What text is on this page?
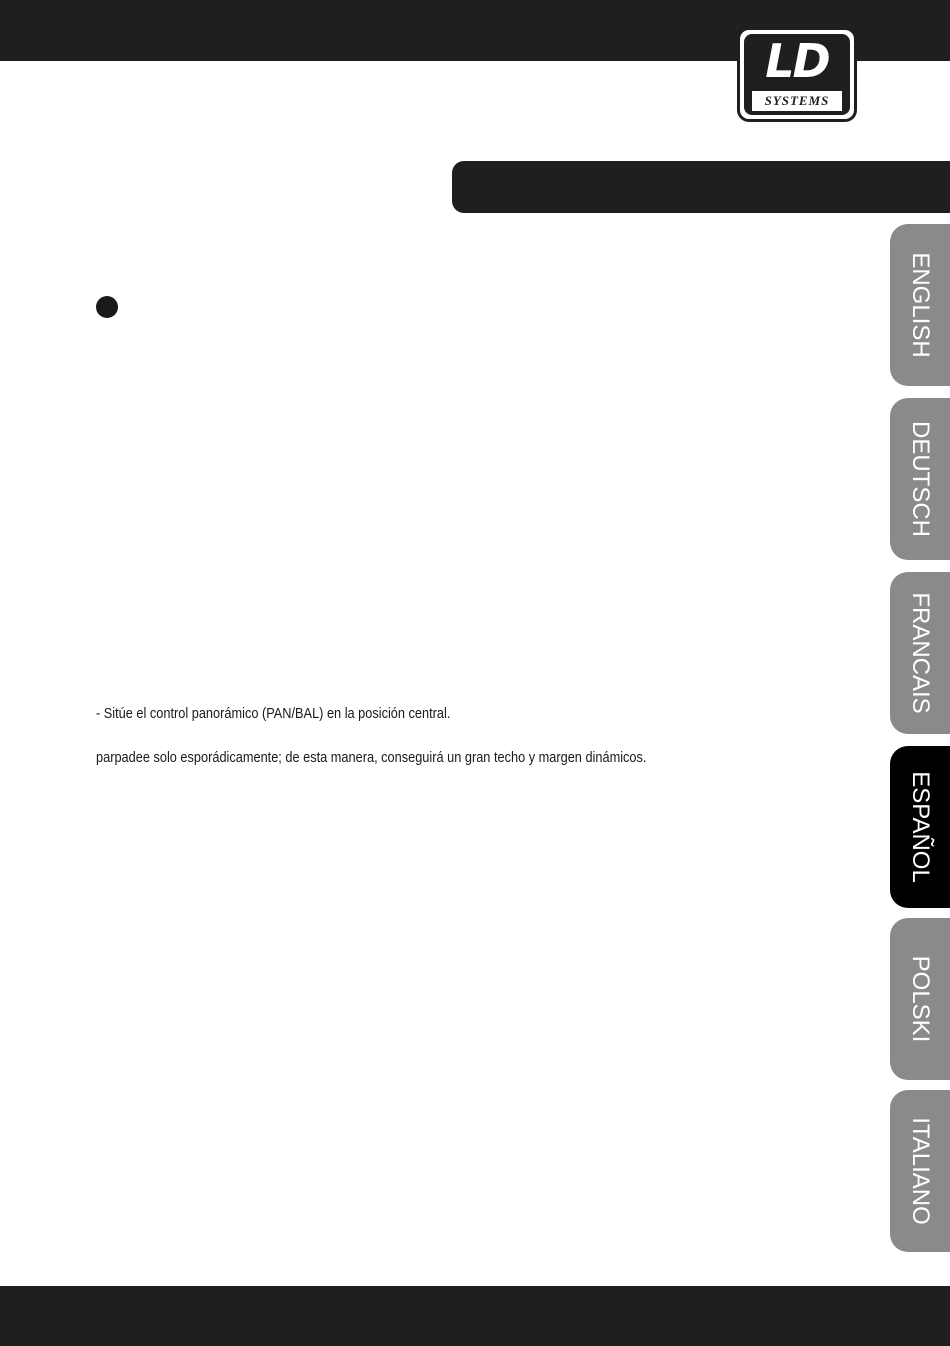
LD
SYSTEMS

- Sitúe el control panorámico (PAN/BAL) en la posición central.

parpadee solo esporádicamente; de esta manera, conseguirá un gran techo y margen dinámicos.

ENGLISH
DEUTSCH
FRANCAIS
ESPAÑOL
POLSKI
ITALIANO
